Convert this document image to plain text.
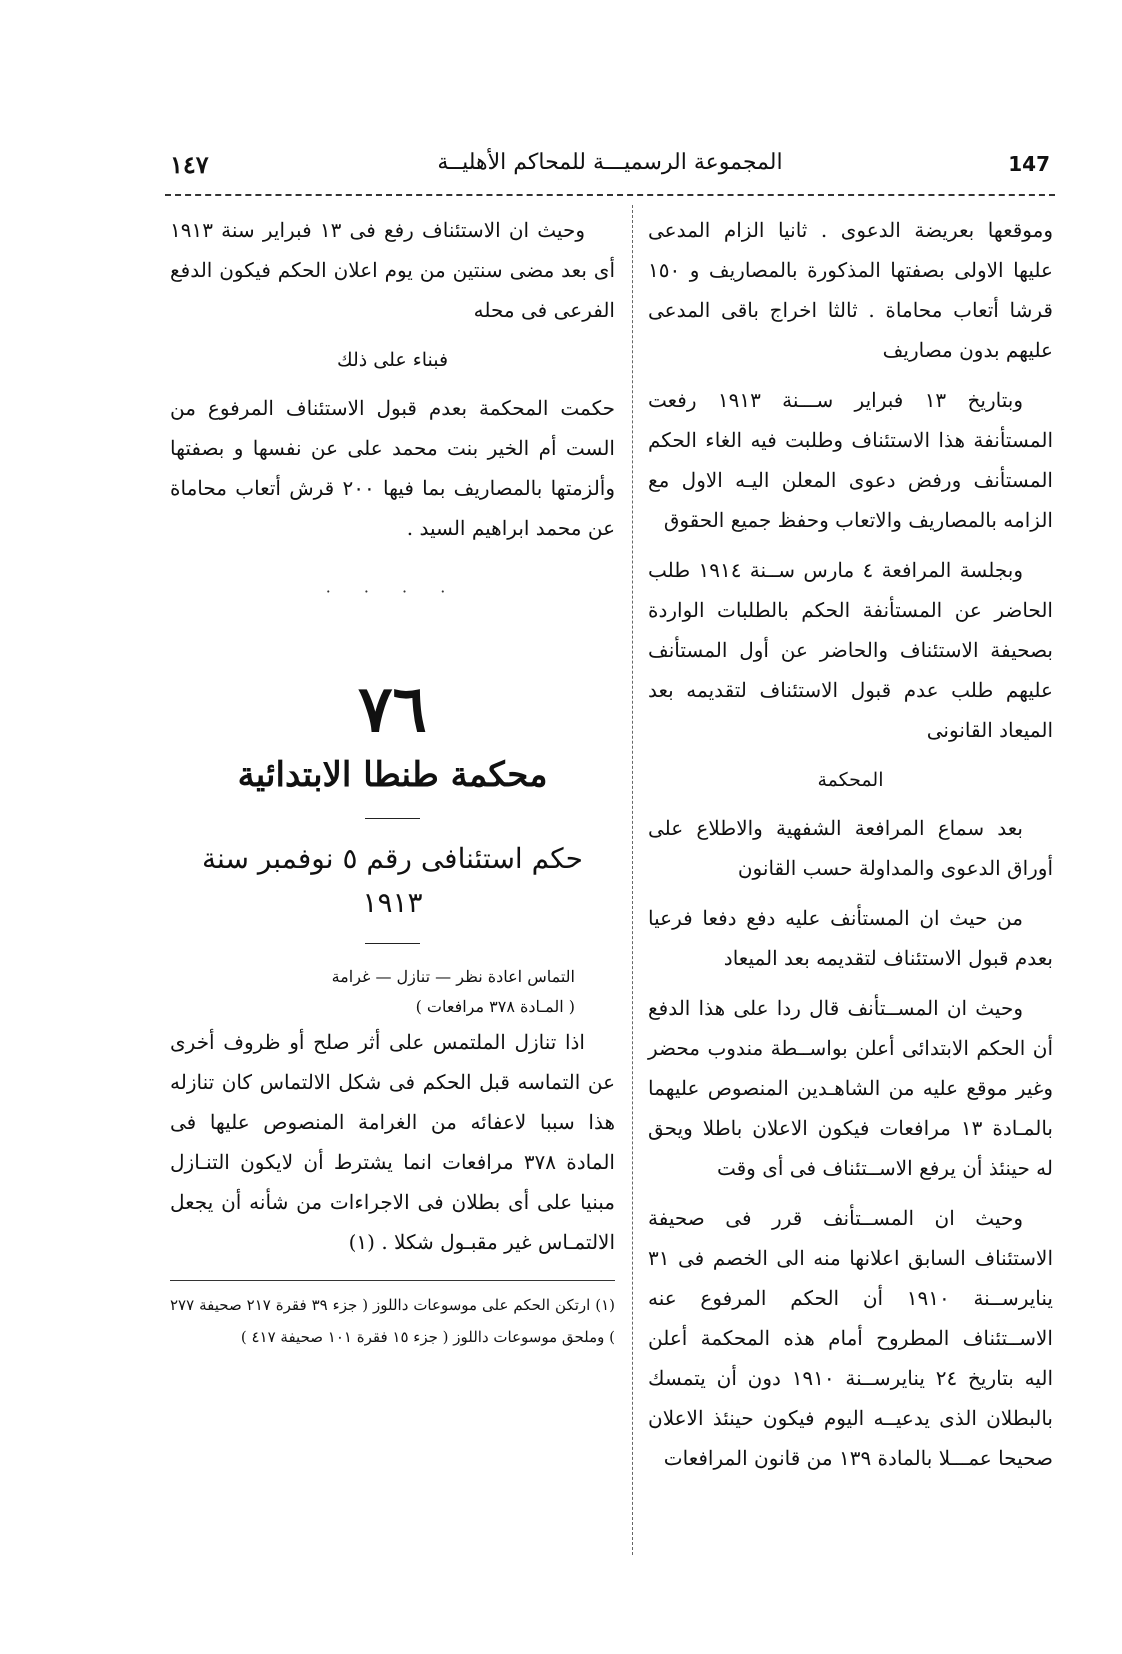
١٤٧	المجموعة الرسميـــة للمحاكم الأهليــة	147

وموقعها بعريضة الدعوى . ثانيا الزام المدعى عليها الاولى بصفتها المذكورة بالمصاريف و ١٥٠ قرشا أتعاب محاماة . ثالثا اخراج باقى المدعى عليهم بدون مصاريف

وبتاريخ ١٣ فبراير ســـنة ١٩١٣ رفعت المستأنفة هذا الاستئناف وطلبت فيه الغاء الحكم المستأنف ورفض دعوى المعلن اليـه الاول مع الزامه بالمصاريف والاتعاب وحفظ جميع الحقوق

وبجلسة المرافعة ٤ مارس ســنة ١٩١٤ طلب الحاضر عن المستأنفة الحكم بالطلبات الواردة بصحيفة الاستئناف والحاضر عن أول المستأنف عليهم طلب عدم قبول الاستئناف لتقديمه بعد الميعاد القانونى

المحكمة

بعد سماع المرافعة الشفهية والاطلاع على أوراق الدعوى والمداولة حسب القانون

من حيث ان المستأنف عليه دفع دفعا فرعيا بعدم قبول الاستئناف لتقديمه بعد الميعاد

وحيث ان المســتأنف قال ردا على هذا الدفع أن الحكم الابتدائى أعلن بواســطة مندوب محضر وغير موقع عليه من الشاهـدين المنصوص عليهما بالمـادة ١٣ مرافعات فيكون الاعلان باطلا ويحق له حينئذ أن يرفع الاســتئناف فى أى وقت

وحيث ان المســتأنف قرر فى صحيفة الاستئناف السابق اعلانها منه الى الخصم فى ٣١ ينايرســنة ١٩١٠ أن الحكم المرفوع عنه الاســتئناف المطروح أمام هذه المحكمة أعلن اليه بتاريخ ٢٤ ينايرســنة ١٩١٠ دون أن يتمسك بالبطلان الذى يدعيــه اليوم فيكون حينئذ الاعلان صحيحا عمـــلا بالمادة ١٣٩ من قانون المرافعات

وحيث ان الاستئناف رفع فى ١٣ فبراير سنة ١٩١٣ أى بعد مضى سنتين من يوم اعلان الحكم فيكون الدفع الفرعى فى محله

فبناء على ذلك

حكمت المحكمة بعدم قبول الاستئناف المرفوع من الست أم الخير بنت محمد على عن نفسها و بصفتها وألزمتها بالمصاريف بما فيها ٢٠٠ قرش أتعاب محاماة عن محمد ابراهيم السيد .

· · · ·
٧٦
محكمة طنطا الابتدائية
حكم استئنافى رقم ٥ نوفمبر سنة ١٩١٣
التماس اعادة نظر — تنازل — غرامة
( المـادة ٣٧٨ مرافعات )

اذا تنازل الملتمس على أثر صلح أو ظروف أخرى عن التماسه قبل الحكم فى شكل الالتماس كان تنازله هذا سببا لاعفائه من الغرامة المنصوص عليها فى المادة ٣٧٨ مرافعات انما يشترط أن لايكون التنـازل مبنيا على أى بطلان فى الاجراءات من شأنه أن يجعل الالتمـاس غير مقبـول شكلا . (١)

(١) ارتكن الحكم على موسوعات داللوز ( جزء ٣٩ فقرة ٢١٧ صحيفة ٢٧٧ ) وملحق موسوعات داللوز ( جزء ١٥ فقرة ١٠١ صحيفة ٤١٧ )
